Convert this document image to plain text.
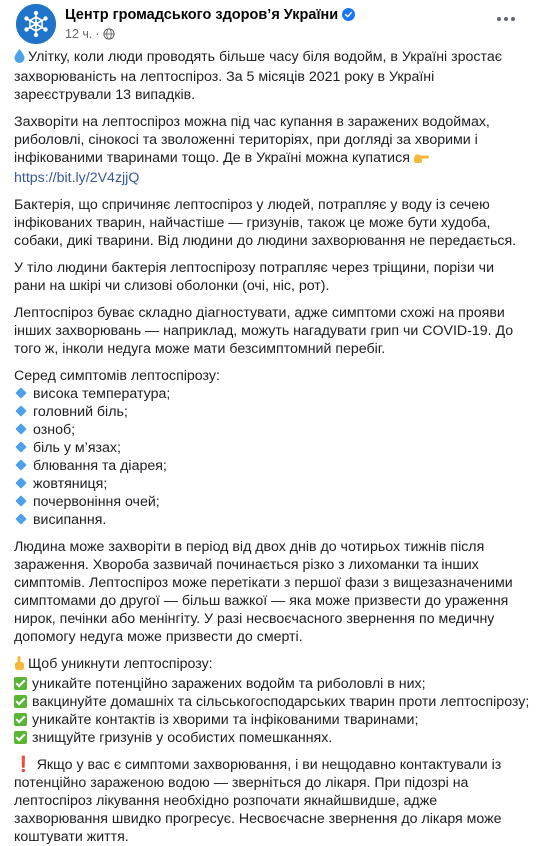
Центр громадського здоров’я України
12 ч. ·

Улітку, коли люди проводять більше часу біля водойм, в Україні зростає захворюваність на лептоспіроз. За 5 місяців 2021 року в Україні зареєстрували 13 випадків.

Захворіти на лептоспіроз можна під час купання в заражених водоймах, риболовлі, сінокосі та зволоженні територіях, при догляді за хворими і інфікованими тваринами тощо. Де в Україні можна купатися https://bit.ly/2V4zjjQ

Бактерія, що спричиняє лептоспіроз у людей, потрапляє у воду із сечею інфікованих тварин, найчастіше — гризунів, також це може бути худоба, собаки, дикі тварини. Від людини до людини захворювання не передається.

У тіло людини бактерія лептоспірозу потрапляє через тріщини, порізи чи рани на шкірі чи слизові оболонки (очі, ніс, рот).

Лептоспіроз буває складно діагностувати, адже симптоми схожі на прояви інших захворювань — наприклад, можуть нагадувати грип чи COVID-19. До того ж, інколи недуга може мати безсимптомний перебіг.

Серед симптомів лептоспірозу:
висока температура;
головний біль;
озноб;
біль у м’язах;
блювання та діарея;
жовтяниця;
почервоніння очей;
висипання.

Людина може захворіти в період від двох днів до чотирьох тижнів після зараження. Хвороба зазвичай починається різко з лихоманки та інших симптомів. Лептоспіроз може перетікати з першої фази з вищезазначеними симптомами до другої — більш важкої — яка може призвести до ураження нирок, печінки або менінгіту. У разі несвоєчасного звернення по медичну допомогу недуга може призвести до смерті.

Щоб уникнути лептоспірозу:
уникайте потенційно заражених водойм та риболовлі в них;
вакцинуйте домашніх та сільськогосподарських тварин проти лептоспірозу;
уникайте контактів із хворими та інфікованими тваринами;
знищуйте гризунів у особистих помешканнях.

❗ Якщо у вас є симптоми захворювання, і ви нещодавно контактували із потенційно зараженою водою — зверніться до лікаря. При підозрі на лептоспіроз лікування необхідно розпочати якнайшвидше, адже захворювання швидко прогресує. Несвоєчасне звернення до лікаря може коштувати життя.
